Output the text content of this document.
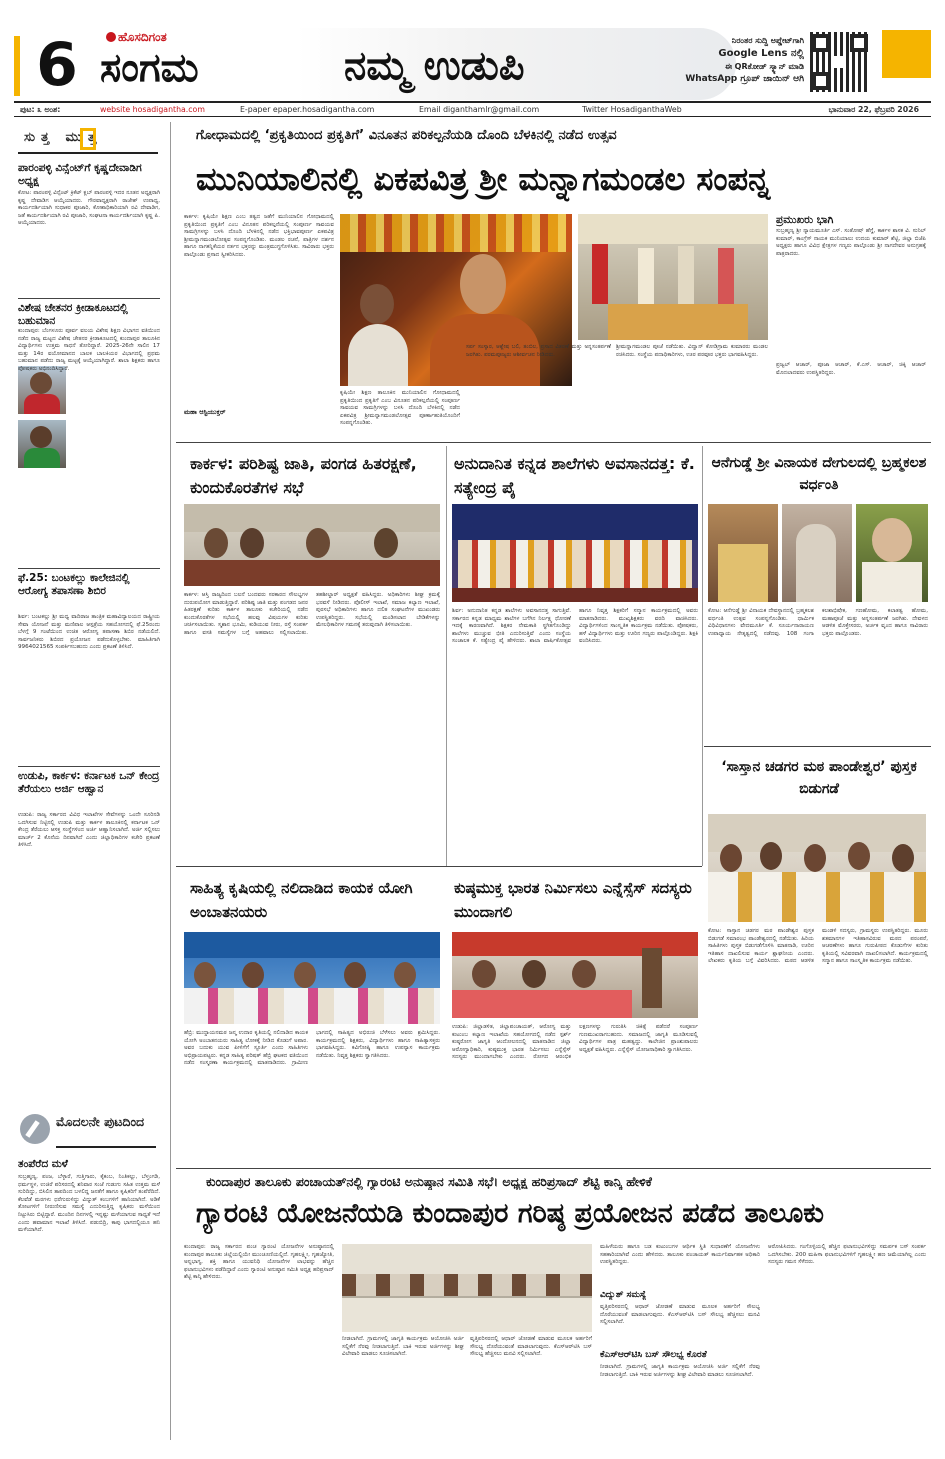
6	ಹೊಸದಿಗಂತ
ಸಂಗಮ	ನಮ್ಮ ಉಡುಪಿ
ನಿರಂತರ ಸುದ್ದಿ ಅಪ್ಡೇಟ್‌ಗಾಗಿ
Google Lens ನಲ್ಲಿ
ಈ QRಕೋಡ್ ಸ್ಕ್ಯಾನ್ ಮಾಡಿ
WhatsApp ಗ್ರೂಪ್ ಜಾಯಿನ್ ಆಗಿ
ಪುಟ: ೩ ಅಂಶ:	website hosadigantha.com	E-paper epaper.hosadigantha.com	Email diganthamlr@gmail.com	Twitter HosadiganthaWeb	ಭಾನುವಾರ 22, ಫೆಬ್ರವರಿ 2026
ಸುತ್ತ ಮುತ್ತ
ಪಾರಂಪಳ್ಳಿ ವಿನ್ಸೆಂಟ್‌ಗೆ ಕೃಷ್ಣದೇವಾಡಿಗ ಅಧ್ಯಕ್ಷ
ಕೋಟ: ಪಾರಂಪಳ್ಳಿ ವಿನ್ಸೆಂಟ್ ಕ್ರಿಕೆಟ್ ಕ್ಲಬ್ ಪಾರಂಪಳ್ಳಿ ಇದರ ನೂತನ ಅಧ್ಯಕ್ಷರಾಗಿ ಕೃಷ್ಣ ದೇವಾಡಿಗ ಆಯ್ಕೆಯಾದರು. ಗೌರವಾಧ್ಯಕ್ಷರಾಗಿ ರಾಜೇಶ್ ಉಪಾಧ್ಯ, ಕಾರ್ಯದರ್ಶಿಯಾಗಿ ಸುಧಾಕರ ಪೂಜಾರಿ, ಕೋಶಾಧಿಕಾರಿಯಾಗಿ ರವಿ ದೇವಾಡಿಗ, ಜತೆ ಕಾರ್ಯದರ್ಶಿಯಾಗಿ ರವಿ ಪೂಜಾರಿ, ಸಂಘಟನಾ ಕಾರ್ಯದರ್ಶಿಯಾಗಿ ಕೃಷ್ಣ ಪಿ. ಆಯ್ಕೆಯಾದರು.
ವಿಶೇಷ ಚೇತನರ ಕ್ರೀಡಾಕೂಟದಲ್ಲಿ ಬಹುಮಾನ
ಕುಂದಾಪುರ: ಬೆಂಗಳೂರು ಪೂರ್ವ ವಲಯ ವಿಶೇಷ ಶಿಕ್ಷಣ ವಿಭಾಗದ ವತಿಯಿಂದ ನಡೆದ ರಾಜ್ಯ ಮಟ್ಟದ ವಿಶೇಷ ಚೇತನರ ಕ್ರೀಡಾಕೂಟದಲ್ಲಿ ಕುಂದಾಪುರ ತಾಲೂಕಿನ ವಿದ್ಯಾರ್ಥಿಗಳು ಉತ್ತಮ ಸಾಧನೆ ತೋರಿದ್ದಾರೆ. 2025-26ನೇ ಸಾಲಿನ 17 ಮತ್ತು 14ರ ವಯೋಮಾನದ ಬಾಲಕ ಬಾಲಕಿಯರ ವಿಭಾಗದಲ್ಲಿ ಪ್ರಥಮ ಬಹುಮಾನ ಪಡೆದು ರಾಜ್ಯ ಮಟ್ಟಕ್ಕೆ ಆಯ್ಕೆಯಾಗಿದ್ದಾರೆ. ಶಾಲಾ ಶಿಕ್ಷಕರು ಹಾಗೂ ಪೋಷಕರು ಅಭಿನಂದಿಸಿದ್ದಾರೆ.
ಫೆ.25: ಬಂಟಕಲ್ಲು ಕಾಲೇಜಿನಲ್ಲಿ ಆರೋಗ್ಯ ತಪಾಸಣಾ ಶಿಬಿರ
ಶಿರ್ವ: ಬಂಟಕಲ್ಲು ಶ್ರೀ ಮಧ್ವ ವಾದಿರಾಜ ತಾಂತ್ರಿಕ ಮಹಾವಿದ್ಯಾಲಯದ ರಾಷ್ಟ್ರೀಯ ಸೇವಾ ಯೋಜನೆ ಮತ್ತು ಮಣಿಪಾಲ ಆಸ್ಪತ್ರೆಯ ಸಹಯೋಗದಲ್ಲಿ ಫೆ.25ರಂದು ಬೆಳಗ್ಗೆ 9 ಗಂಟೆಯಿಂದ ಉಚಿತ ಆರೋಗ್ಯ ತಪಾಸಣಾ ಶಿಬಿರ ನಡೆಯಲಿದೆ. ಸಾರ್ವಜನಿಕರು ಶಿಬಿರದ ಪ್ರಯೋಜನ ಪಡೆದುಕೊಳ್ಳಬೇಕು. ಮಾಹಿತಿಗಾಗಿ 9964021565 ಸಂಪರ್ಕಿಸಬಹುದು ಎಂದು ಪ್ರಕಟಣೆ ತಿಳಿಸಿದೆ.
ಉಡುಪಿ, ಕಾರ್ಕಳ: ಕರ್ನಾಟಕ ಒನ್ ಕೇಂದ್ರ ತೆರೆಯಲು ಅರ್ಜಿ ಆಹ್ವಾನ
ಉಡುಪಿ: ರಾಜ್ಯ ಸರ್ಕಾರದ ವಿವಿಧ ಇಲಾಖೆಗಳ ಸೇವೆಗಳನ್ನು ಒಂದೇ ಸೂರಿನಡಿ ಒದಗಿಸುವ ನಿಟ್ಟಿನಲ್ಲಿ ಉಡುಪಿ ಮತ್ತು ಕಾರ್ಕಳ ತಾಲೂಕಿನಲ್ಲಿ ಕರ್ನಾಟಕ ಒನ್ ಕೇಂದ್ರ ತೆರೆಯಲು ಆಸಕ್ತ ಸಂಸ್ಥೆಗಳಿಂದ ಅರ್ಜಿ ಆಹ್ವಾನಿಸಲಾಗಿದೆ. ಅರ್ಜಿ ಸಲ್ಲಿಸಲು ಮಾರ್ಚ್ 2 ಕೊನೆಯ ದಿನವಾಗಿದೆ ಎಂದು ಜಿಲ್ಲಾಧಿಕಾರಿಗಳ ಕಚೇರಿ ಪ್ರಕಟಣೆ ತಿಳಿಸಿದೆ.
ಮೊದಲನೇ ಪುಟದಿಂದ
ತಂಪೆರೆದ ಮಳೆ
ಸುಬ್ರಹ್ಮಣ್ಯ, ಪಂಜ, ಬೆಳ್ಳಾರೆ, ಗುತ್ತಿಗಾರು, ಕೈಕಂಬ, ನಿಂತಿಕಲ್ಲು, ಬೆಳ್ತಂಗಡಿ, ಧರ್ಮಸ್ಥಳ, ಉಜಿರೆ ಪರಿಸರದಲ್ಲಿ ಶನಿವಾರ ಸಂಜೆ ಗುಡುಗು ಸಹಿತ ಉತ್ತಮ ಮಳೆ ಸುರಿದಿದ್ದು, ಬಿಸಿಲಿನ ತಾಪದಿಂದ ಬಳಲಿದ್ದ ಜನತೆಗೆ ಹಾಗೂ ಕೃಷಿಕರಿಗೆ ತಂಪೆರೆದಿದೆ. ಕೆಲವೆಡೆ ಮರಗಳು ಧರೆಗುರುಳಿದ್ದು ವಿದ್ಯುತ್ ಕಂಬಗಳಿಗೆ ಹಾನಿಯಾಗಿದೆ. ಅಡಿಕೆ ತೋಟಗಳಿಗೆ ನೀರುಣಿಸುವ ಸಮಸ್ಯೆ ಎದುರಿಸುತ್ತಿದ್ದ ಕೃಷಿಕರು ಮಳೆಯಿಂದ ನಿಟ್ಟುಸಿರು ಬಿಟ್ಟಿದ್ದಾರೆ. ಮುಂದಿನ ದಿನಗಳಲ್ಲಿ ಇನ್ನಷ್ಟು ಮಳೆಯಾಗುವ ಸಾಧ್ಯತೆ ಇದೆ ಎಂದು ಹವಾಮಾನ ಇಲಾಖೆ ತಿಳಿಸಿದೆ. ಪಡುಬಿದ್ರಿ, ಕಾಪು ಭಾಗದಲ್ಲಿಯೂ ಹನಿ ಮಳೆಯಾಗಿದೆ.
ಗೋಧಾಮದಲ್ಲಿ ‘ಪ್ರಕೃತಿಯಿಂದ ಪ್ರಕೃತಿಗೆ’ ವಿನೂತನ ಪರಿಕಲ್ಪನೆಯಡಿ ದೊಂದಿ ಬೆಳಕಿನಲ್ಲಿ ನಡೆದ ಉತ್ಸವ
ಮುನಿಯಾಲಿನಲ್ಲಿ ಏಕಪವಿತ್ರ ಶ್ರೀ ಮನ್ನಾಗಮಂಡಲ ಸಂಪನ್ನ
ಕಾರ್ಕಳ: ಕೃಷಿಯೇ ಶಿಕ್ಷಣ ಎಂಬ ತತ್ವದ ಜತೆಗೆ ಮುನಿಯಾಲಿನ ಗೋಧಾಮದಲ್ಲಿ ಪ್ರಕೃತಿಯಿಂದ ಪ್ರಕೃತಿಗೆ ಎಂಬ ವಿನೂತನ ಪರಿಕಲ್ಪನೆಯಲ್ಲಿ ಸಂಪೂರ್ಣ ಸಾವಯವ ಸಾಮಗ್ರಿಗಳನ್ನು ಬಳಸಿ ದೊಂದಿ ಬೆಳಕಿನಲ್ಲಿ ನಡೆದ ಭಕ್ತಿಭಾವಪೂರ್ಣ ಏಕಪವಿತ್ರ ಶ್ರೀಮನ್ನಾಗಮಂಡಲೋತ್ಸವ ಸಂಪನ್ನಗೊಂಡಿತು. ಮಂಡಲ ರಚನೆ, ಪಾತ್ರಿಗಳ ದರ್ಶನ ಹಾಗೂ ನಾಗಕನ್ನಿಕೆಯರ ನರ್ತನ ಭಕ್ತರನ್ನು ಮಂತ್ರಮುಗ್ಧಗೊಳಿಸಿತು. ಸಾವಿರಾರು ಭಕ್ತರು ಪಾಲ್ಗೊಂಡು ಪ್ರಸಾದ ಸ್ವೀಕರಿಸಿದರು.
ಮಹಾ ಆಸ್ಟಿಯುಕ್ತರ್
ಕೃಷಿಯೇ ಶಿಕ್ಷಣ ತಾಲೂಕಿನ ಮುನಿಯಾಲಿನ ಗೋಧಾಮದಲ್ಲಿ ಪ್ರಕೃತಿಯಿಂದ ಪ್ರಕೃತಿಗೆ ಎಂಬ ವಿನೂತನ ಪರಿಕಲ್ಪನೆಯಲ್ಲಿ ಸಂಪೂರ್ಣ ಸಾವಯವ ಸಾಮಗ್ರಿಗಳನ್ನು ಬಳಸಿ ದೊಂದಿ ಬೆಳಕಿನಲ್ಲಿ ನಡೆದ ಏಕಪವಿತ್ರ ಶ್ರೀಮನ್ನಾಗಮಂಡಲೋತ್ಸವ ಪೂರ್ಣಾಹುತಿಯೊಂದಿಗೆ ಸಂಪನ್ನಗೊಂಡಿತು.
ಸರ್ಪ ಸಂಸ್ಕಾರ, ಆಶ್ಲೇಷ ಬಲಿ, ತಂಬಿಲ, ಪ್ರಸಾದ ವಿತರಣೆ ಮತ್ತು ಅನ್ನಸಂತರ್ಪಣೆ ಜರಗಿತು. ಪರಮಪೂಜ್ಯರು ಆಶೀರ್ವಚನ ನೀಡಿದರು.
ಶ್ರೀಮನ್ನಾಗಮಂಡಲ ಪೂಜೆ ನಡೆಯಿತು. ವಿದ್ವಾನ್ ಕೋಡಿಗ್ರಾಮ ಕುಮಾರರು ಮಂಡಲ ರಚಿಸಿದರು. ಸಂಸ್ಥೆಯ ಪದಾಧಿಕಾರಿಗಳು, ಊರ ಪರವೂರ ಭಕ್ತರು ಭಾಗವಹಿಸಿದ್ದರು.
ಪ್ರಮುಖರು ಭಾಗಿ
ಸುಬ್ರಹ್ಮಣ್ಯ ಶ್ರೀ ನ್ಯಾಯಮೂರ್ತಿ ಎಸ್. ಸಂತೋಷ್ ಹೆಗ್ಡೆ, ಕಾರ್ಕಳ ಶಾಸಕ ವಿ. ಸುನಿಲ್ ಕುಮಾರ್, ಕಾಂಗ್ರೆಸ್ ನಾಯಕ ಮುನಿಯಾಲು ಉದಯ ಕುಮಾರ್ ಶೆಟ್ಟಿ, ಜಿಲ್ಲಾ ಬಿಜೆಪಿ ಅಧ್ಯಕ್ಷರು ಹಾಗೂ ವಿವಿಧ ಕ್ಷೇತ್ರಗಳ ಗಣ್ಯರು ಪಾಲ್ಗೊಂಡು ಶ್ರೀ ನಾಗದೇವರ ಅನುಗ್ರಹಕ್ಕೆ ಪಾತ್ರರಾದರು.
ಪ್ರಜ್ವಲ್ ಆಚಾರ್, ಪೂಜಾ ಆಚಾರ್, ಕೆ.ಎಸ್. ಆಚಾರ್, ಚಿಕ್ಕಿ ಆಚಾರ್ ಮೊದಲಾದವರು ಉಪಸ್ಥಿತರಿದ್ದರು.
ಕಾರ್ಕಳ: ಪರಿಶಿಷ್ಟ ಜಾತಿ, ಪಂಗಡ ಹಿತರಕ್ಷಣೆ, ಕುಂದುಕೊರತೆಗಳ ಸಭೆ
ಕಾರ್ಕಳ: ಆಸ್ತಿ ರಾಜ್ಯದಿಂದ ಬಲನೆ ಬಂದವರು ಸರಕಾರದ ಸೌಲಭ್ಯಗಳ ದುರುಪಯೋಗ ಮಾಡುತ್ತಿದ್ದಾರೆ. ಪರಿಶಿಷ್ಟ ಜಾತಿ ಮತ್ತು ಪಂಗಡದ ಜನರ ಹಿತರಕ್ಷಣೆ ಕುರಿತು ಕಾರ್ಕಳ ತಾಲೂಕು ಕಚೇರಿಯಲ್ಲಿ ನಡೆದ ಕುಂದುಕೊರತೆಗಳ ಸಭೆಯಲ್ಲಿ ಹಲವು ವಿಷಯಗಳ ಕುರಿತು ಚರ್ಚಿಸಲಾಯಿತು. ಸ್ಮಶಾನ ಭೂಮಿ, ಕುಡಿಯುವ ನೀರು, ರಸ್ತೆ ಸಂಪರ್ಕ ಹಾಗೂ ವಸತಿ ಸಮಸ್ಯೆಗಳ ಬಗ್ಗೆ ಅಹವಾಲು ಸಲ್ಲಿಸಲಾಯಿತು. ತಹಶೀಲ್ದಾರ್ ಅಧ್ಯಕ್ಷತೆ ವಹಿಸಿದ್ದರು. ಅಧಿಕಾರಿಗಳು ಶೀಘ್ರ ಕ್ರಮಕ್ಕೆ ಭರವಸೆ ನೀಡಿದರು. ಪೊಲೀಸ್ ಇಲಾಖೆ, ಸಮಾಜ ಕಲ್ಯಾಣ ಇಲಾಖೆ, ಪುರಸಭೆ ಅಧಿಕಾರಿಗಳು ಹಾಗೂ ದಲಿತ ಸಂಘಟನೆಗಳ ಮುಖಂಡರು ಉಪಸ್ಥಿತರಿದ್ದರು. ಸಭೆಯಲ್ಲಿ ಮಂಡಿಸಲಾದ ಬೇಡಿಕೆಗಳನ್ನು ಮೇಲಧಿಕಾರಿಗಳ ಗಮನಕ್ಕೆ ತರುವುದಾಗಿ ತಿಳಿಸಲಾಯಿತು.
ಅನುದಾನಿತ ಕನ್ನಡ ಶಾಲೆಗಳು ಅವಸಾನದತ್ತ: ಕೆ. ಸತ್ಯೇಂದ್ರ ಪೈ
ಶಿರ್ವ: ಅನುದಾನಿತ ಕನ್ನಡ ಶಾಲೆಗಳು ಅವಸಾನದತ್ತ ಸಾಗುತ್ತಿವೆ. ಸರ್ಕಾರದ ಕನ್ನಡ ಮಾಧ್ಯಮ ಶಾಲೆಗಳ ಬಗೆಗಿನ ನಿರ್ಲಕ್ಷ್ಯ ಧೋರಣೆ ಇದಕ್ಕೆ ಕಾರಣವಾಗಿದೆ. ಶಿಕ್ಷಕರ ನೇಮಕಾತಿ ಸ್ಥಗಿತಗೊಂಡಿದ್ದು ಶಾಲೆಗಳು ಮುಚ್ಚುವ ಭೀತಿ ಎದುರಿಸುತ್ತಿವೆ ಎಂದು ಸಂಸ್ಥೆಯ ಸಂಚಾಲಕ ಕೆ. ಸತ್ಯೇಂದ್ರ ಪೈ ಹೇಳಿದರು. ಶಾಲಾ ವಾರ್ಷಿಕೋತ್ಸವ ಹಾಗೂ ನಿವೃತ್ತ ಶಿಕ್ಷಕರಿಗೆ ಸನ್ಮಾನ ಕಾರ್ಯಕ್ರಮದಲ್ಲಿ ಅವರು ಮಾತನಾಡಿದರು. ಮುಖ್ಯಶಿಕ್ಷಕರು ವರದಿ ವಾಚಿಸಿದರು. ವಿದ್ಯಾರ್ಥಿಗಳಿಂದ ಸಾಂಸ್ಕೃತಿಕ ಕಾರ್ಯಕ್ರಮ ನಡೆಯಿತು. ಪೋಷಕರು, ಹಳೆ ವಿದ್ಯಾರ್ಥಿಗಳು ಮತ್ತು ಊರಿನ ಗಣ್ಯರು ಪಾಲ್ಗೊಂಡಿದ್ದರು. ಶಿಕ್ಷಕಿ ವಂದಿಸಿದರು.
ಆನೆಗುಡ್ಡೆ ಶ್ರೀ ವಿನಾಯಕ ದೇಗುಲದಲ್ಲಿ ಬ್ರಹ್ಮಕಲಶ ವರ್ಧಂತಿ
ಕೋಟ: ಆನೆಗುಡ್ಡೆ ಶ್ರೀ ವಿನಾಯಕ ದೇವಸ್ಥಾನದಲ್ಲಿ ಬ್ರಹ್ಮಕಲಶ ವರ್ಧಂತಿ ಉತ್ಸವ ಸಂಪನ್ನಗೊಂಡಿತು. ಧಾರ್ಮಿಕ ವಿಧಿವಿಧಾನಗಳು ವೇದಮೂರ್ತಿ ಕೆ. ಸೂರ್ಯನಾರಾಯಣ ಉಪಾಧ್ಯಾಯ ನೇತೃತ್ವದಲ್ಲಿ ನಡೆದವು. 108 ಗಂಗಾ ಕಲಶಾಭಿಷೇಕ, ಗಣಹೋಮ, ಕಲಾತತ್ವ ಹೋಮ, ಮಹಾಪೂಜೆ ಮತ್ತು ಅನ್ನಸಂತರ್ಪಣೆ ಜರಗಿತು. ದೇವಳದ ಆಡಳಿತ ಮೊಕ್ತೇಸರರು, ಅರ್ಚಕ ವೃಂದ ಹಾಗೂ ಸಾವಿರಾರು ಭಕ್ತರು ಪಾಲ್ಗೊಂಡರು.
‘ಸಾಸ್ತಾನ ಚಡಗರ ಮಠ ಪಾಂಡೇಶ್ವರ’ ಪುಸ್ತಕ ಬಿಡುಗಡೆ
ಕೋಟ: ಸಾಸ್ತಾನ ಚಡಗರ ಮಠ ಪಾಂಡೇಶ್ವರ ಪುಸ್ತಕ ಬಿಡುಗಡೆ ಸಮಾರಂಭ ಪಾಂಡೇಶ್ವರದಲ್ಲಿ ನಡೆಯಿತು. ಹಿರಿಯ ಸಾಹಿತಿಗಳು ಪುಸ್ತಕ ಬಿಡುಗಡೆಗೊಳಿಸಿ ಮಾತನಾಡಿ, ಊರಿನ ಇತಿಹಾಸ ದಾಖಲಿಸುವ ಕಾರ್ಯ ಶ್ಲಾಘನೀಯ ಎಂದರು. ಲೇಖಕರು ಕೃತಿಯ ಬಗ್ಗೆ ವಿವರಿಸಿದರು. ಮಠದ ಆಡಳಿತ ಮಂಡಳಿ ಸದಸ್ಯರು, ಗ್ರಾಮಸ್ಥರು ಉಪಸ್ಥಿತರಿದ್ದರು. ಮೂರು ಶತಮಾನಗಳ ಇತಿಹಾಸವಿರುವ ಮಠದ ಪರಂಪರೆ, ಆಚರಣೆಗಳು ಹಾಗೂ ಗುರುಪೀಠದ ಕೊಡುಗೆಗಳ ಕುರಿತು ಕೃತಿಯಲ್ಲಿ ಸವಿವರವಾಗಿ ದಾಖಲಿಸಲಾಗಿದೆ. ಕಾರ್ಯಕ್ರಮದಲ್ಲಿ ಸನ್ಮಾನ ಹಾಗೂ ಸಾಂಸ್ಕೃತಿಕ ಕಾರ್ಯಕ್ರಮ ನಡೆಯಿತು.
ಸಾಹಿತ್ಯ ಕೃಷಿಯಲ್ಲಿ ನಲಿದಾಡಿದ ಕಾಯಕ ಯೋಗಿ ಅಂಬಾತನಯರು
ಹೆಬ್ರಿ: ಮುದ್ದಾಯನಮಠ ಜನ್ಮ ಉದಾರ ಕೃತಿಯಲ್ಲಿ ನಲಿದಾಡಿದ ಕಾಯಕ ಯೋಗಿ ಅಂಬಾತನಯರು ಸಾಹಿತ್ಯ ಲೋಕಕ್ಕೆ ನೀಡಿದ ಕೊಡುಗೆ ಅಪಾರ. ಅವರ ಬದುಕು ಯುವ ಪೀಳಿಗೆಗೆ ಸ್ಫೂರ್ತಿ ಎಂದು ಸಾಹಿತಿಗಳು ಅಭಿಪ್ರಾಯಪಟ್ಟರು. ಕನ್ನಡ ಸಾಹಿತ್ಯ ಪರಿಷತ್ ಹೆಬ್ರಿ ಘಟಕದ ವತಿಯಿಂದ ನಡೆದ ಸಂಸ್ಮರಣಾ ಕಾರ್ಯಕ್ರಮದಲ್ಲಿ ಮಾತನಾಡಿದರು. ಗ್ರಾಮೀಣ ಭಾಗದಲ್ಲಿ ಸಾಹಿತ್ಯದ ಅಭಿರುಚಿ ಬೆಳೆಸಲು ಅವರು ಶ್ರಮಿಸಿದ್ದರು. ಕಾರ್ಯಕ್ರಮದಲ್ಲಿ ಶಿಕ್ಷಕರು, ವಿದ್ಯಾರ್ಥಿಗಳು ಹಾಗೂ ಸಾಹಿತ್ಯಾಸಕ್ತರು ಭಾಗವಹಿಸಿದ್ದರು. ಕವಿಗೋಷ್ಠಿ ಹಾಗೂ ಉಪನ್ಯಾಸ ಕಾರ್ಯಕ್ರಮ ನಡೆಯಿತು. ನಿವೃತ್ತ ಶಿಕ್ಷಕರು ಸ್ವಾಗತಿಸಿದರು.
ಕುಷ್ಠಮುಕ್ತ ಭಾರತ ನಿರ್ಮಿಸಲು ಎನ್ನೆಸ್ಸೆಸ್ ಸದಸ್ಯರು ಮುಂದಾಗಲಿ
ಉಡುಪಿ: ಜಿಲ್ಲಾಡಳಿತ, ಜಿಲ್ಲಾಪಂಚಾಯತ್, ಆರೋಗ್ಯ ಮತ್ತು ಕುಟುಂಬ ಕಲ್ಯಾಣ ಇಲಾಖೆಯ ಸಹಯೋಗದಲ್ಲಿ ನಡೆದ ಸ್ಪರ್ಶ್ ಕುಷ್ಠರೋಗ ಜಾಗೃತಿ ಆಂದೋಲನದಲ್ಲಿ ಮಾತನಾಡಿದ ಜಿಲ್ಲಾ ಆರೋಗ್ಯಾಧಿಕಾರಿ, ಕುಷ್ಠಮುಕ್ತ ಭಾರತ ನಿರ್ಮಿಸಲು ಎನ್ನೆಸ್ಸೆಸ್ ಸದಸ್ಯರು ಮುಂದಾಗಬೇಕು ಎಂದರು. ರೋಗದ ಆರಂಭಿಕ ಲಕ್ಷಣಗಳನ್ನು ಗುರುತಿಸಿ ಚಿಕಿತ್ಸೆ ಪಡೆದರೆ ಸಂಪೂರ್ಣ ಗುಣಮುಖರಾಗಬಹುದು. ಸಮಾಜದಲ್ಲಿ ಜಾಗೃತಿ ಮೂಡಿಸುವಲ್ಲಿ ವಿದ್ಯಾರ್ಥಿಗಳ ಪಾತ್ರ ಮಹತ್ವದ್ದು. ಕಾಲೇಜಿನ ಪ್ರಾಂಶುಪಾಲರು ಅಧ್ಯಕ್ಷತೆ ವಹಿಸಿದ್ದರು. ಎನ್ನೆಸ್ಸೆಸ್ ಯೋಜನಾಧಿಕಾರಿ ಸ್ವಾಗತಿಸಿದರು.
ಕುಂದಾಪುರ ತಾಲೂಕು ಪಂಚಾಯತ್‌ನಲ್ಲಿ ಗ್ಯಾರಂಟಿ ಅನುಷ್ಠಾನ ಸಮಿತಿ ಸಭೆ। ಅಧ್ಯಕ್ಷ ಹರಿಪ್ರಸಾದ್ ಶೆಟ್ಟಿ ಕಾನ್ಕಿ ಹೇಳಿಕೆ
ಗ್ಯಾರಂಟಿ ಯೋಜನೆಯಡಿ ಕುಂದಾಪುರ ಗರಿಷ್ಠ ಪ್ರಯೋಜನ ಪಡೆದ ತಾಲೂಕು
ಕುಂದಾಪುರ: ರಾಜ್ಯ ಸರ್ಕಾರದ ಪಂಚ ಗ್ಯಾರಂಟಿ ಯೋಜನೆಗಳ ಅನುಷ್ಠಾನದಲ್ಲಿ ಕುಂದಾಪುರ ತಾಲೂಕು ಜಿಲ್ಲೆಯಲ್ಲಿಯೇ ಮುಂಚೂಣಿಯಲ್ಲಿದೆ. ಗೃಹಲಕ್ಷ್ಮೀ, ಗೃಹಜ್ಯೋತಿ, ಅನ್ನಭಾಗ್ಯ, ಶಕ್ತಿ ಹಾಗೂ ಯುವನಿಧಿ ಯೋಜನೆಗಳ ಲಾಭವನ್ನು ಹೆಚ್ಚಿನ ಫಲಾನುಭವಿಗಳು ಪಡೆದಿದ್ದಾರೆ ಎಂದು ಗ್ಯಾರಂಟಿ ಅನುಷ್ಠಾನ ಸಮಿತಿ ಅಧ್ಯಕ್ಷ ಹರಿಪ್ರಸಾದ್ ಶೆಟ್ಟಿ ಕಾನ್ಕಿ ಹೇಳಿದರು.
ನೀಡಲಾಗಿದೆ. ಗ್ರಾಮಗಳಲ್ಲಿ ಜಾಗೃತಿ ಕಾರ್ಯಕ್ರಮ ಆಯೋಜಿಸಿ ಅರ್ಜಿ ಸಲ್ಲಿಕೆಗೆ ನೆರವು ನೀಡಲಾಗುತ್ತಿದೆ. ಬಾಕಿ ಇರುವ ಅರ್ಜಿಗಳನ್ನು ಶೀಘ್ರ ವಿಲೇವಾರಿ ಮಾಡಲು ಸೂಚಿಸಲಾಗಿದೆ.
ವೃತ್ತಿಪರಿಸರದಲ್ಲಿ ಆಧಾರ್ ಜೋಡಣೆ ಮಾಡುವ ಮೂಲಕ ಅರ್ಹರಿಗೆ ಸೌಲಭ್ಯ ದೊರೆಯುವಂತೆ ಮಾಡಲಾಗುವುದು. ಕೆಎಸ್ಆರ್‌ಟಿಸಿ ಬಸ್ ಸೌಲಭ್ಯ ಹೆಚ್ಚಿಸಲು ಮನವಿ ಸಲ್ಲಿಸಲಾಗಿದೆ.
ಮಹಿಳೆಯರು ಹಾಗೂ ಬಡ ಕುಟುಂಬಗಳ ಆರ್ಥಿಕ ಸ್ಥಿತಿ ಸುಧಾರಣೆಗೆ ಯೋಜನೆಗಳು ಸಹಕಾರಿಯಾಗಿವೆ ಎಂದು ಹೇಳಿದರು. ತಾಲೂಕು ಪಂಚಾಯತ್ ಕಾರ್ಯನಿರ್ವಾಹಕ ಅಧಿಕಾರಿ ಉಪಸ್ಥಿತರಿದ್ದರು.
ವಿದ್ಯುತ್ ಸಮಸ್ಯೆ
ವೃತ್ತಿಪರಿಸರದಲ್ಲಿ ಆಧಾರ್ ಜೋಡಣೆ ಮಾಡುವ ಮೂಲಕ ಅರ್ಹರಿಗೆ ಸೌಲಭ್ಯ ದೊರೆಯುವಂತೆ ಮಾಡಲಾಗುವುದು. ಕೆಎಸ್ಆರ್‌ಟಿಸಿ ಬಸ್ ಸೌಲಭ್ಯ ಹೆಚ್ಚಿಸಲು ಮನವಿ ಸಲ್ಲಿಸಲಾಗಿದೆ.
ಕೆಎಸ್ಆರ್‌ಟಿಸಿ ಬಸ್ ಸೌಲಭ್ಯ ಕೊರತೆ
ನೀಡಲಾಗಿದೆ. ಗ್ರಾಮಗಳಲ್ಲಿ ಜಾಗೃತಿ ಕಾರ್ಯಕ್ರಮ ಆಯೋಜಿಸಿ ಅರ್ಜಿ ಸಲ್ಲಿಕೆಗೆ ನೆರವು ನೀಡಲಾಗುತ್ತಿದೆ. ಬಾಕಿ ಇರುವ ಅರ್ಜಿಗಳನ್ನು ಶೀಘ್ರ ವಿಲೇವಾರಿ ಮಾಡಲು ಸೂಚಿಸಲಾಗಿದೆ.
ಆರೋಪಿಸಿದರು. ಗಂಗೊಳ್ಳಿಯಲ್ಲಿ ಹೆಚ್ಚಿನ ಫಲಾನುಭವಿಗಳಿದ್ದು ಸಮರ್ಪಕ ಬಸ್ ಸಂಪರ್ಕ ಒದಗಿಸಬೇಕು. 200 ಮಹಿಳಾ ಫಲಾನುಭವಿಗಳಿಗೆ ಗೃಹಲಕ್ಷ್ಮೀ ಹಣ ಜಮೆಯಾಗಿಲ್ಲ ಎಂದು ಸದಸ್ಯರು ಗಮನ ಸೆಳೆದರು.
